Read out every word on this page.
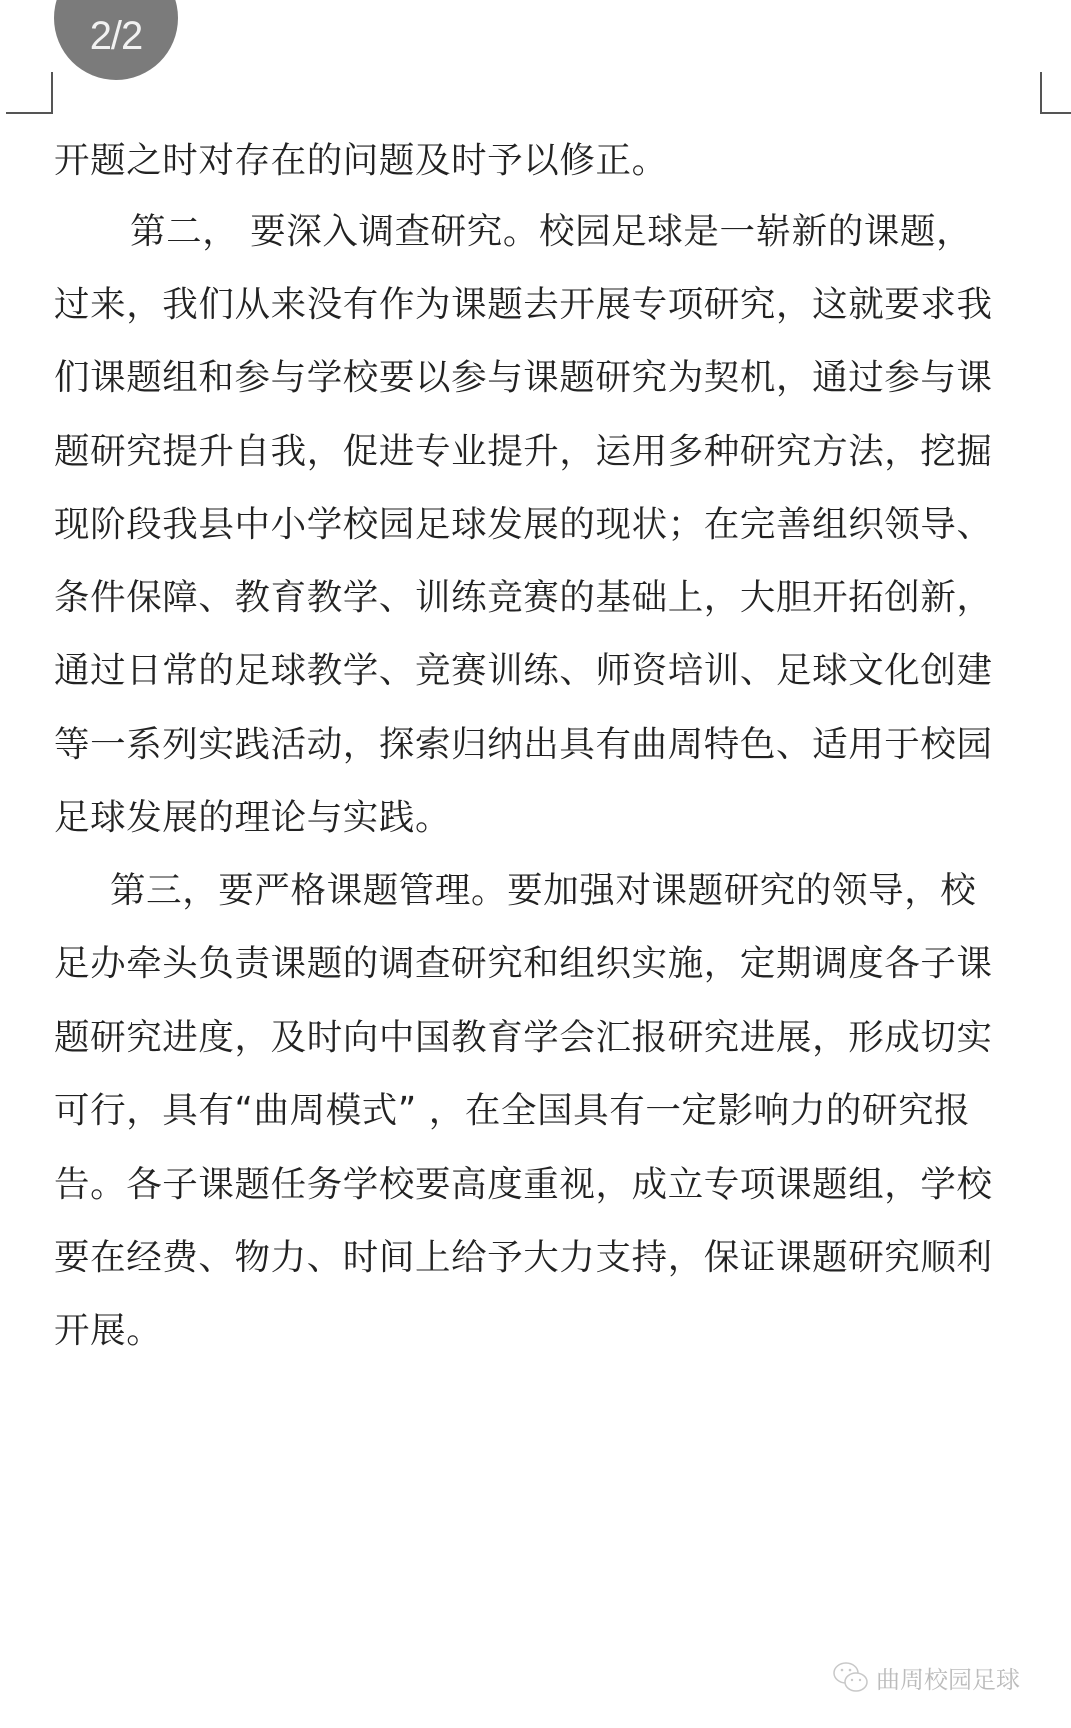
2/2
开题之时对存在的问题及时予以修正。
第二， 要深入调查研究。校园足球是一崭新的课题，
过来，我们从来没有作为课题去开展专项研究，这就要求我
们课题组和参与学校要以参与课题研究为契机，通过参与课
题研究提升自我，促进专业提升，运用多种研究方法，挖掘
现阶段我县中小学校园足球发展的现状；在完善组织领导、
条件保障、教育教学、训练竞赛的基础上，大胆开拓创新，
通过日常的足球教学、竞赛训练、师资培训、足球文化创建
等一系列实践活动，探索归纳出具有曲周特色、适用于校园
足球发展的理论与实践。
第三，要严格课题管理。要加强对课题研究的领导，校
足办牵头负责课题的调查研究和组织实施，定期调度各子课
题研究进度，及时向中国教育学会汇报研究进展，形成切实
可行，具有“曲周模式” ，在全国具有一定影响力的研究报
告。各子课题任务学校要高度重视，成立专项课题组，学校
要在经费、物力、时间上给予大力支持，保证课题研究顺利
开展。
曲周校园足球
